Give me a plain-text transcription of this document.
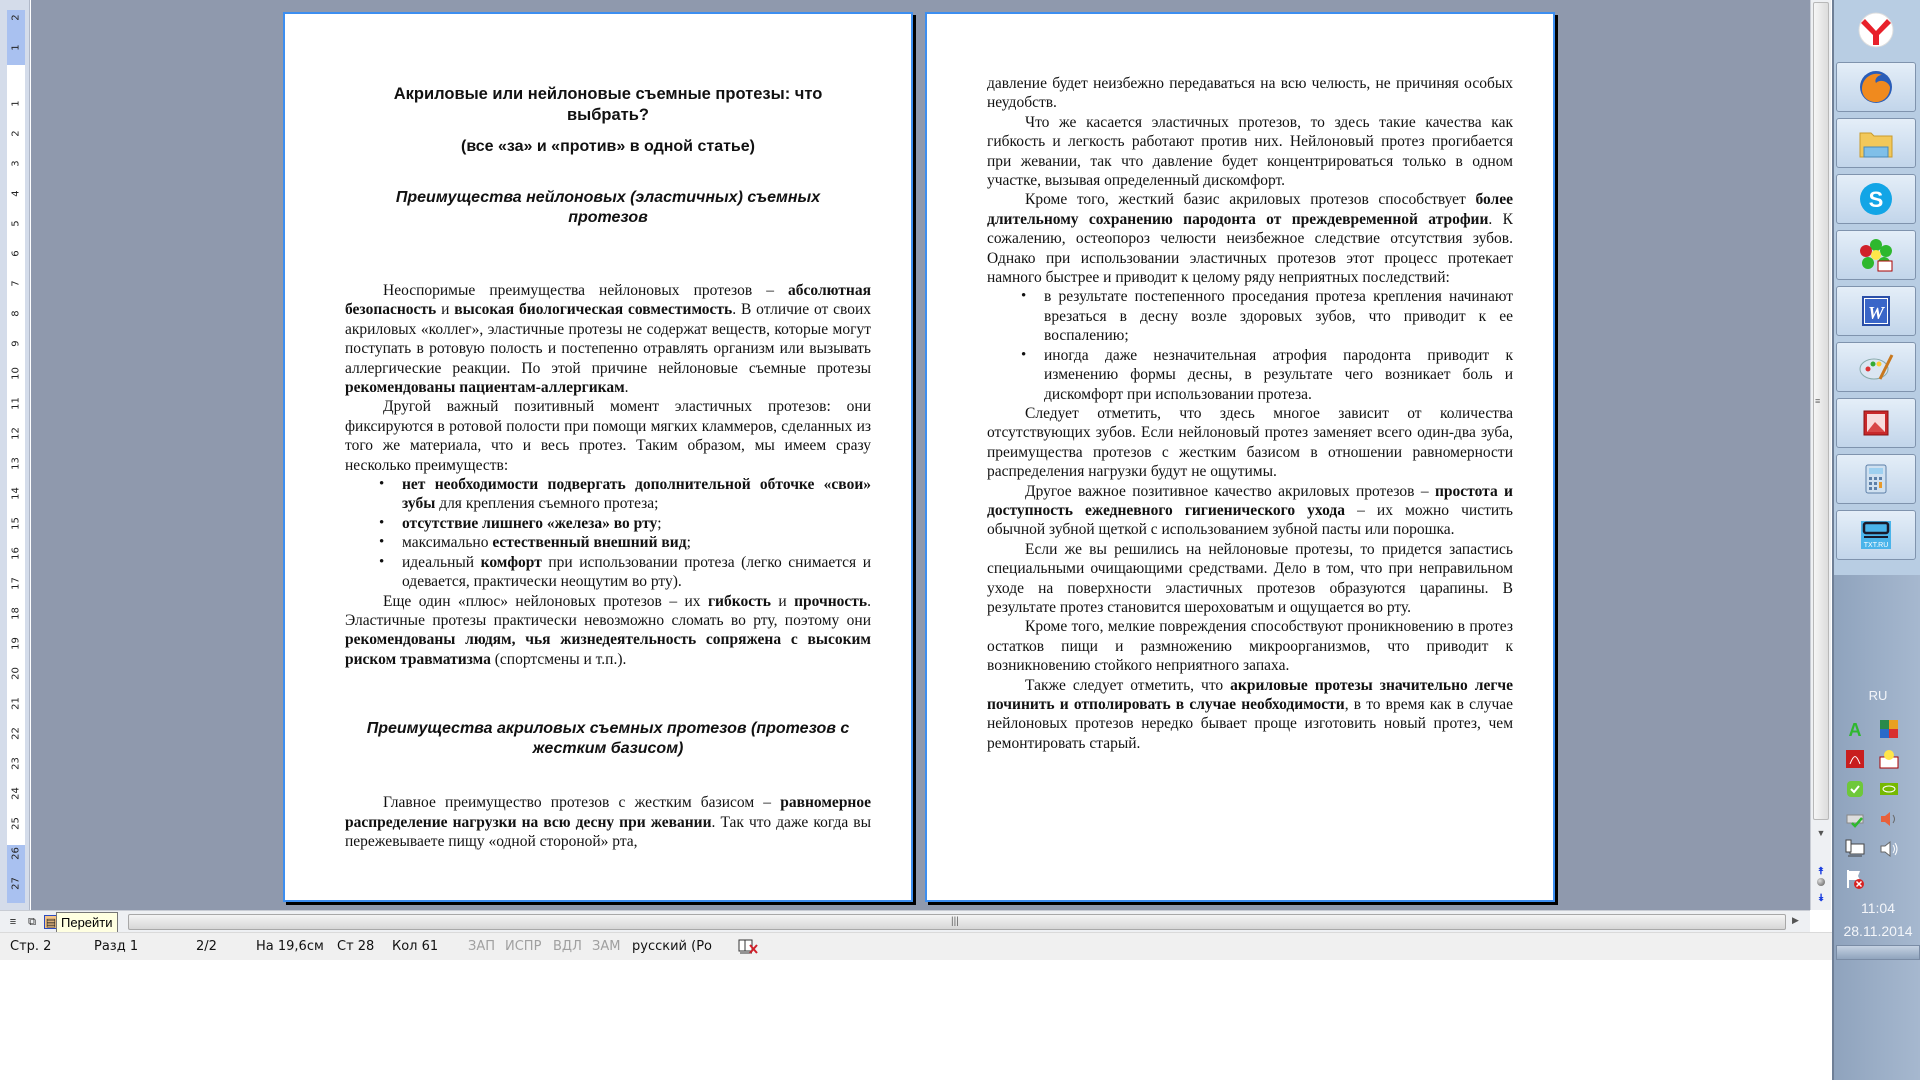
2
1
1
2
3
4
5
6
7
8
9
10
11
12
13
14
15
16
17
18
19
20
21
22
23
24
25
26
27
Акриловые или нейлоновые съемные протезы: что выбрать?
(все «за» и «против» в одной статье)
Преимущества нейлоновых (эластичных) съемных протезов

Неоспоримые преимущества нейлоновых протезов – абсолютная безопасность и высокая биологическая совместимость. В отличие от своих акриловых «коллег», эластичные протезы не содержат веществ, которые могут поступать в ротовую полость и постепенно отравлять организм или вызывать аллергические реакции. По этой причине нейлоновые съемные протезы рекомендованы пациентам-аллергикам.

Другой важный позитивный момент эластичных протезов: они фиксируются в ротовой полости при помощи мягких кламмеров, сделанных из того же материала, что и весь протез. Таким образом, мы имеем сразу несколько преимуществ:

• нет необходимости подвергать дополнительной обточке «свои» зубы для крепления съемного протеза;
• отсутствие лишнего «железа» во рту;
• максимально естественный внешний вид;
• идеальный комфорт при использовании протеза (легко снимается и одевается, практически неощутим во рту).

Еще один «плюс» нейлоновых протезов – их гибкость и прочность. Эластичные протезы практически невозможно сломать во рту, поэтому они рекомендованы людям, чья жизнедеятельность сопряжена с высоким риском травматизма (спортсмены и т.п.).

Преимущества акриловых съемных протезов (протезов с жестким базисом)

Главное преимущество протезов с жестким базисом – равномерное распределение нагрузки на всю десну при жевании. Так что даже когда вы пережевываете пищу «одной стороной» рта,

давление будет неизбежно передаваться на всю челюсть, не причиняя особых неудобств.

Что же касается эластичных протезов, то здесь такие качества как гибкость и легкость работают против них. Нейлоновый протез прогибается при жевании, так что давление будет концентрироваться только в одном участке, вызывая определенный дискомфорт.

Кроме того, жесткий базис акриловых протезов способствует более длительному сохранению пародонта от преждевременной атрофии. К сожалению, остеопороз челюсти неизбежное следствие отсутствия зубов. Однако при использовании эластичных протезов этот процесс протекает намного быстрее и приводит к целому ряду неприятных последствий:

• в результате постепенного проседания протеза крепления начинают врезаться в десну возле здоровых зубов, что приводит к ее воспалению;
• иногда даже незначительная атрофия пародонта приводит к изменению формы десны, в результате чего возникает боль и дискомфорт при использовании протеза.

Следует отметить, что здесь многое зависит от количества отсутствующих зубов. Если нейлоновый протез заменяет всего один-два зуба, преимущества протезов с жестким базисом в отношении равномерности распределения нагрузки будут не ощутимы.

Другое важное позитивное качество акриловых протезов – простота и доступность ежедневного гигиенического ухода – их можно чистить обычной зубной щеткой с использованием зубной пасты или порошка.

Если же вы решились на нейлоновые протезы, то придется запастись специальными очищающими средствами. Дело в том, что при неправильном уходе на поверхности эластичных протезов образуются царапины. В результате протез становится шероховатым и ощущается во рту.

Кроме того, мелкие повреждения способствуют проникновению в протез остатков пищи и размножению микроорганизмов, что приводит к возникновению стойкого неприятного запаха.

Также следует отметить, что акриловые протезы значительно легче починить и отполировать в случае необходимости, в то время как в случае нейлоновых протезов нередко бывает проще изготовить новый протез, чем ремонтировать старый.

≡
▼
⯭
⯯
≡	⧉ ▤ Перейти	|||	▶
Стр. 2	Разд 1	2/2	На 19,6см Ст 28 Кол 61 ЗАП ИСПР ВДЛ ЗАМ русский (Ро
S
W
TXT.RU
RU
A
11:04
28.11.2014
